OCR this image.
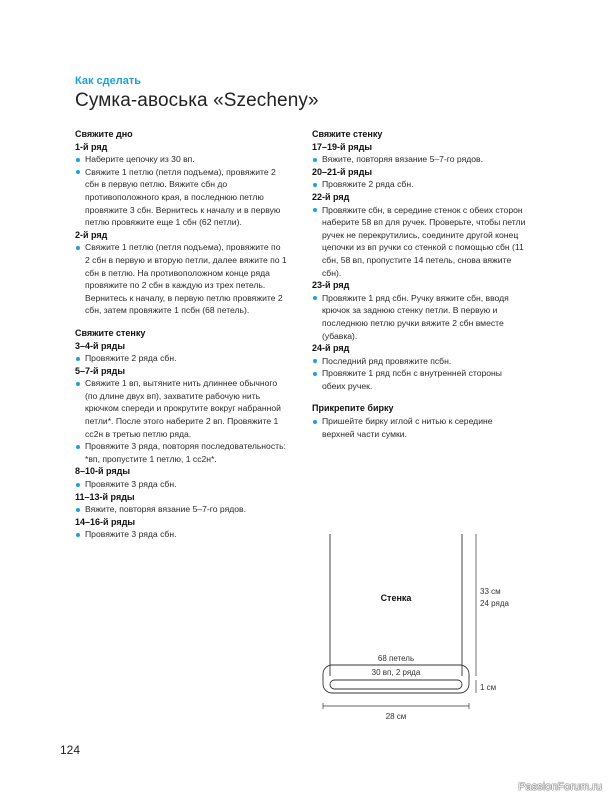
Как сделать
Сумка-авоська «Szecheny»
Свяжите дно
1-й ряд
Наберите цепочку из 30 вп.
Свяжите 1 петлю (петля подъема), провяжите 2 сбн в первую петлю. Вяжите сбн до противоположного края, в последнюю петлю провяжите 3 сбн. Вернитесь к началу и в первую петлю провяжите еще 1 сбн (62 петли).
2-й ряд
Свяжите 1 петлю (петля подъема), провяжите по 2 сбн в первую и вторую петли, далее вяжите по 1 сбн в петлю. На противоположном конце ряда провяжите по 2 сбн в каждую из трех петель. Вернитесь к началу, в первую петлю провяжите 2 сбн, затем провяжите 1 псбн (68 петель).
Свяжите стенку
3–4-й ряды
Провяжите 2 ряда сбн.
5–7-й ряды
Свяжите 1 вп, вытяните нить длиннее обычного (по длине двух вп), захватите рабочую нить крючком спереди и прокрутите вокруг набранной петли*. После этого наберите 2 вп. Провяжите 1 сс2н в третью петлю ряда.
Провяжите 3 ряда, повторяя последовательность: *вп, пропустите 1 петлю, 1 сс2н*.
8–10-й ряды
Провяжите 3 ряда сбн.
11–13-й ряды
Вяжите, повторяя вязание 5–7-го рядов.
14–16-й ряды
Провяжите 3 ряда сбн.
Свяжите стенку
17–19-й ряды
Вяжите, повторяя вязание 5–7-го рядов.
20–21-й ряды
Провяжите 2 ряда сбн.
22-й ряд
Провяжите сбн, в середине стенок с обеих сторон наберите 58 вп для ручек. Проверьте, чтобы петли ручек не перекрутились, соедините другой конец цепочки из вп ручки со стенкой с помощью сбн (11 сбн, 58 вп, пропустите 14 петель, снова вяжите сбн).
23-й ряд
Провяжите 1 ряд сбн. Ручку вяжите сбн, вводя крючок за заднюю стенку петли. В первую и последнюю петлю ручки вяжите 2 сбн вместе (убавка).
24-й ряд
Последний ряд провяжите псбн.
Провяжите 1 ряд псбн с внутренней стороны обеих ручек.
Прикрепите бирку
Пришейте бирку иглой с нитью к середине верхней части сумки.
Стенка
68 петель
30 вп, 2 ряда
33 см
24 ряда
1 см
28 см
124
PassionForum.ru
